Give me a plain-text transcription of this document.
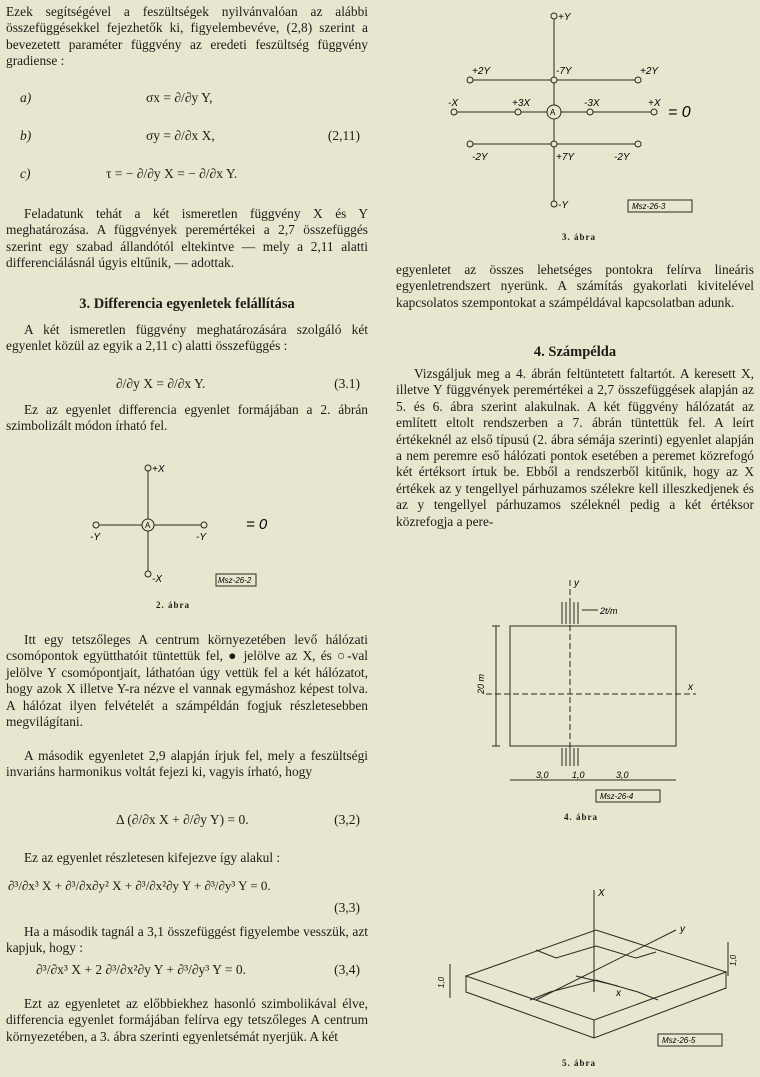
Ezek segítségével a feszültségek nyilvánvalóan az alábbi összefüggésekkel fejezhetők ki, figyelembevéve, (2,8) szerint a bevezetett paraméter függvény az eredeti feszültség függvény gradiense :

a)	σx = ∂/∂y Y,
b)	σy = ∂/∂x X,	(2,11)
c)	τ = − ∂/∂y X = − ∂/∂x Y.

Feladatunk tehát a két ismeretlen függvény X és Y meghatározása. A függvények peremértékei a 2,7 összefüggés szerint egy szabad állandótól eltekintve — mely a 2,11 alatti differenciálásnál úgyis eltűnik, — adottak.

3. Differencia egyenletek felállítása

A két ismeretlen függvény meghatározására szolgáló két egyenlet közül az egyik a 2,11 c) alatti összefüggés :

∂/∂y X = ∂/∂x Y.	(3.1)

Ez az egyenlet differencia egyenlet formájában a 2. ábrán szimbolizált módon írható fel.

+X
-X
-Y	-Y
A	= 0
Msz-26-2
2. ábra

Itt egy tetszőleges A centrum környezetében levő hálózati csomópontok együtthatóit tüntettük fel, ● jelölve az X, és ○-val jelölve Y csomópontjait, láthatóan úgy vettük fel a két hálózatot, hogy azok X illetve Y-ra nézve el vannak egymáshoz képest tolva. A hálózat ilyen felvételét a számpéldán fogjuk részletesebben megvilágítani.

A második egyenletet 2,9 alapján írjuk fel, mely a feszültségi invariáns harmonikus voltát fejezi ki, vagyis írható, hogy

Δ (∂/∂x X + ∂/∂y Y) = 0.	(3,2)

Ez az egyenlet részletesen kifejezve így alakul :

∂³/∂x³ X + ∂³/∂x∂y² X + ∂³/∂x²∂y Y + ∂³/∂y³ Y = 0.
(3,3)

Ha a második tagnál a 3,1 összefüggést figyelembe vesszük, azt kapjuk, hogy :

∂³/∂x³ X + 2 ∂³/∂x²∂y Y + ∂³/∂y³ Y = 0.	(3,4)

Ezt az egyenletet az előbbiekhez hasonló szimbolikával élve, differencia egyenlet formájában felírva egy tetszőleges A centrum környezetében, a 3. ábra szerinti egyenletsémát nyerjük. A két

+Y
-Y
+2Y	-7Y	+2Y
-X	+3X	-3X	+X
-2Y	+7Y	-2Y
A	= 0
Msz-26-3
3. ábra

egyenletet az összes lehetséges pontokra felírva lineáris egyenletrendszert nyerünk. A számítás gyakorlati kivitelével kapcsolatos szempontokat a számpéldával kapcsolatban adunk.

4. Számpélda

Vizsgáljuk meg a 4. ábrán feltüntetett faltartót. A keresett X, illetve Y függvények peremértékei a 2,7 összefüggések alapján az 5. és 6. ábra szerint alakulnak. A két függvény hálózatát az említett eltolt rendszerben a 7. ábrán tüntettük fel. A leírt értékeknél az első típusú (2. ábra sémája szerinti) egyenlet alapján a nem peremre eső hálózati pontok esetében a peremet közrefogó két értéksort írtuk be. Ebből a rendszerből kitűnik, hogy az X értékek az y tengellyel párhuzamos szélekre kell illeszkedjenek és az y tengellyel párhuzamos széleknél pedig a két értéksor közrefogja a pere-

y
x
2t/m
20 m
3,0	1,0	3,0
Msz-26-4
4. ábra
X
y
x
1,0
1,0
Msz-26-5
5. ábra
